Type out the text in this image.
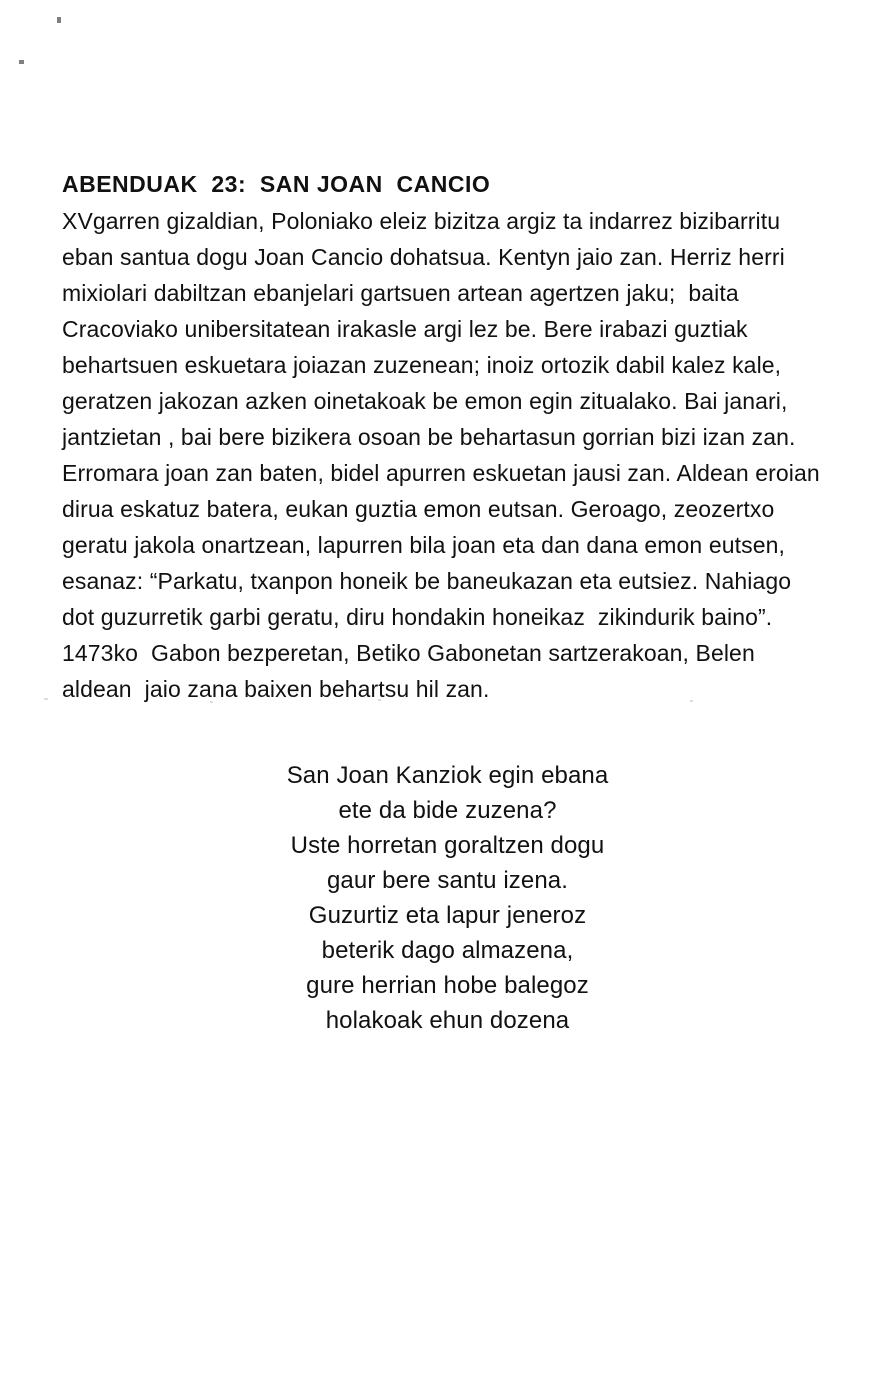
ABENDUAK  23:  SAN JOAN  CANCIO
XVgarren gizaldian, Poloniako eleiz bizitza argiz ta indarrez bizibarritu
eban santua dogu Joan Cancio dohatsua. Kentyn jaio zan. Herriz herri
mixiolari dabiltzan ebanjelari gartsuen artean agertzen jaku;  baita
Cracoviako unibersitatean irakasle argi lez be. Bere irabazi guztiak
behartsuen eskuetara joiazan zuzenean; inoiz ortozik dabil kalez kale,
geratzen jakozan azken oinetakoak be emon egin zitualako. Bai janari,
jantzietan , bai bere bizikera osoan be behartasun gorrian bizi izan zan.
Erromara joan zan baten, bidel apurren eskuetan jausi zan. Aldean eroian
dirua eskatuz batera, eukan guztia emon eutsan. Geroago, zeozertxo
geratu jakola onartzean, lapurren bila joan eta dan dana emon eutsen,
esanaz: “Parkatu, txanpon honeik be baneukazan eta eutsiez. Nahiago
dot guzurretik garbi geratu, diru hondakin honeikaz  zikindurik baino”.
1473ko  Gabon bezperetan, Betiko Gabonetan sartzerakoan, Belen
aldean  jaio zana baixen behartsu hil zan.
San Joan Kanziok egin ebana
ete da bide zuzena?
Uste horretan goraltzen dogu
gaur bere santu izena.
Guzurtiz eta lapur jeneroz
beterik dago almazena,
gure herrian hobe balegoz
holakoak ehun dozena
